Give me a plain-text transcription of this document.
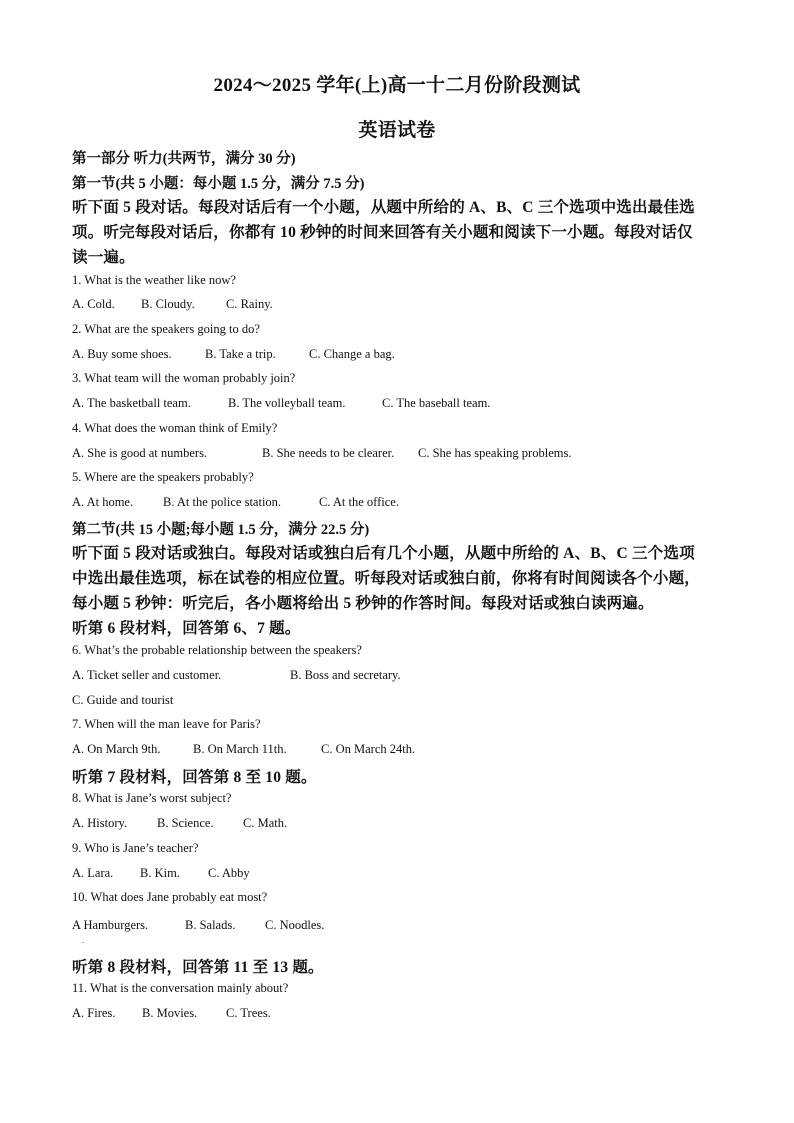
2024～2025 学年(上)高一十二月份阶段测试
英语试卷
第一部分 听力(共两节，满分 30 分)
第一节(共 5 小题：每小题 1.5 分，满分 7.5 分)
听下面 5 段对话。每段对话后有一个小题，从题中所给的 A、B、C 三个选项中选出最佳选
项。听完每段对话后，你都有 10 秒钟的时间来回答有关小题和阅读下一小题。每段对话仅
读一遍。
1. What is the weather like now?
A. Cold. B. Cloudy.	C. Rainy.
2. What are the speakers going to do?
A. Buy some shoes.	B. Take a trip.	C. Change a bag.
3. What team will the woman probably join?
A. The basketball team.	B. The volleyball team.	C. The baseball team.
4. What does the woman think of Emily?
A. She is good at numbers.	B. She needs to be clearer. C. She has speaking problems.
5. Where are the speakers probably?
A. At home. B. At the police station.	C. At the office.
第二节(共 15 小题;每小题 1.5 分，满分 22.5 分)
听下面 5 段对话或独白。每段对话或独白后有几个小题，从题中所给的 A、B、C 三个选项
中选出最佳选项，标在试卷的相应位置。听每段对话或独白前，你将有时间阅读各个小题，
每小题 5 秒钟：听完后，各小题将给出 5 秒钟的作答时间。每段对话或独白读两遍。
听第 6 段材料，回答第 6、7 题。
6. What’s the probable relationship between the speakers?
A. Ticket seller and customer.	B. Boss and secretary.
C. Guide and tourist
7. When will the man leave for Paris?
A. On March 9th.	B. On March 11th.	C. On March 24th.
听第 7 段材料，回答第 8 至 10 题。
8. What is Jane’s worst subject?
A. History. B. Science. C. Math.
9. Who is Jane’s teacher?
A. Lara. B. Kim. C. Abby
10. What does Jane probably eat most?
A Hamburgers.	B. Salads. C. Noodles.
.
听第 8 段材料，回答第 11 至 13 题。
11. What is the conversation mainly about?
A. Fires. B. Movies. C. Trees.
